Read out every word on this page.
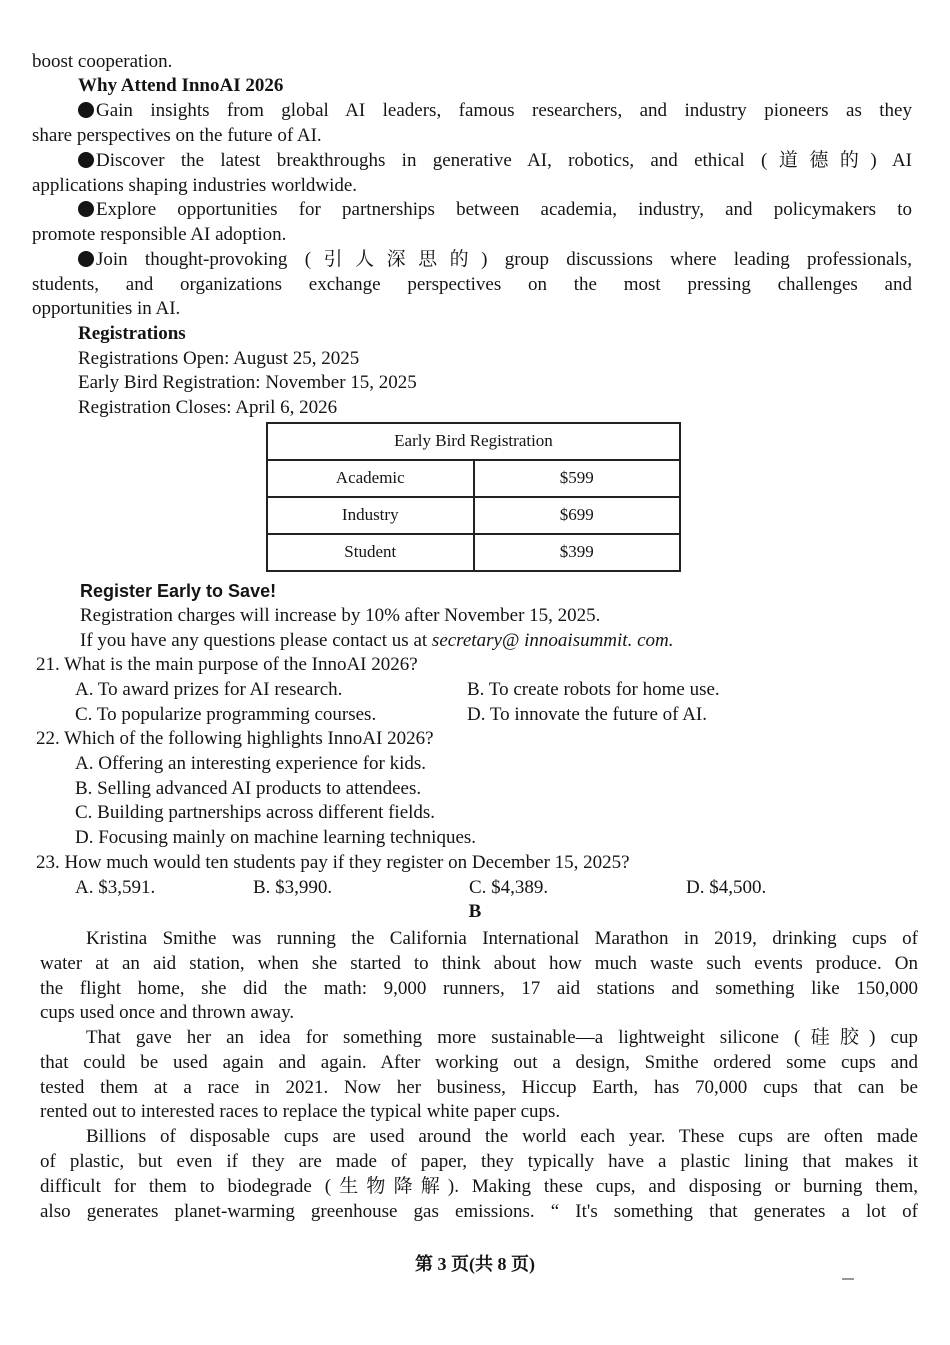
boost cooperation.
Why Attend InnoAI 2026
Gain insights from global AI leaders, famous researchers, and industry pioneers as they
share perspectives on the future of AI.
Discover the latest breakthroughs in generative AI, robotics, and ethical (道德的) AI
applications shaping industries worldwide.
Explore opportunities for partnerships between academia, industry, and policymakers to
promote responsible AI adoption.
Join thought-provoking (引人深思的) group discussions where leading professionals,
students, and organizations exchange perspectives on the most pressing challenges and
opportunities in AI.
Registrations
Registrations Open: August 25, 2025
Early Bird Registration: November 15, 2025
Registration Closes: April 6, 2026
Early Bird Registration	
Academic	$599
Industry	$699
Student	$399
Register Early to Save!
Registration charges will increase by 10% after November 15, 2025.
If you have any questions please contact us at secretary@ innoaisummit. com.
21. What is the main purpose of the InnoAI 2026?
A. To award prizes for AI research.	B. To create robots for home use.
C. To popularize programming courses.	D. To innovate the future of AI.
22. Which of the following highlights InnoAI 2026?
A. Offering an interesting experience for kids.
B. Selling advanced AI products to attendees.
C. Building partnerships across different fields.
D. Focusing mainly on machine learning techniques.
23. How much would ten students pay if they register on December 15, 2025?
A. $3,591.	B. $3,990.	C. $4,389.	D. $4,500.
B
Kristina Smithe was running the California International Marathon in 2019, drinking cups of
water at an aid station, when she started to think about how much waste such events produce. On
the flight home, she did the math: 9,000 runners, 17 aid stations and something like 150,000
cups used once and thrown away.
That gave her an idea for something more sustainable—a lightweight silicone (硅胶) cup
that could be used again and again. After working out a design, Smithe ordered some cups and
tested them at a race in 2021. Now her business, Hiccup Earth, has 70,000 cups that can be
rented out to interested races to replace the typical white paper cups.
Billions of disposable cups are used around the world each year. These cups are often made
of plastic, but even if they are made of paper, they typically have a plastic lining that makes it
difficult for them to biodegrade (生物降解). Making these cups, and disposing or burning them,
also generates planet-warming greenhouse gas emissions. “ It's something that generates a lot of
第 3 页(共 8 页)
